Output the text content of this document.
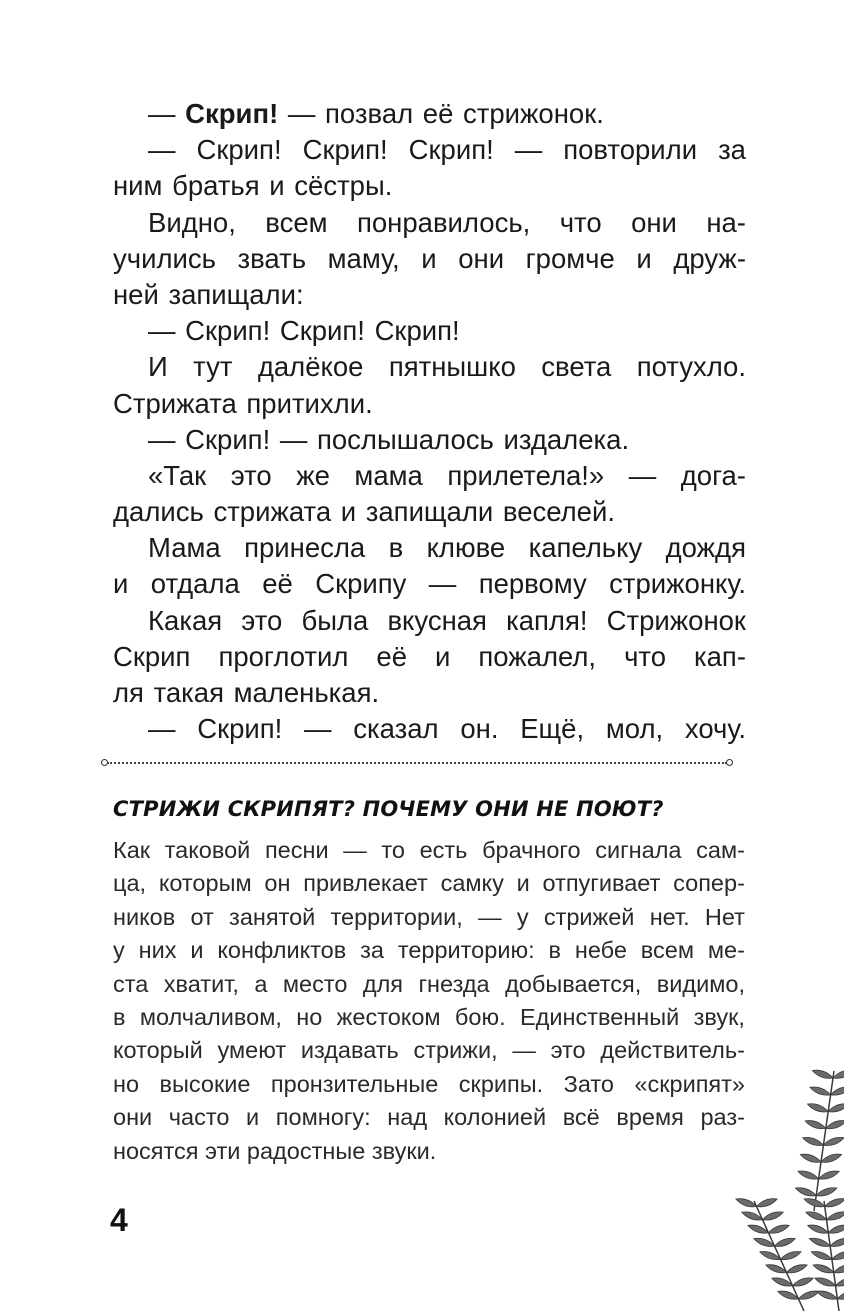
— Скрип! — позвал её стрижонок.
— Скрип! Скрип! Скрип! — повторили за
ним братья и сёстры.
Видно, всем понравилось, что они на-
учились звать маму, и они громче и друж-
ней запищали:
— Скрип! Скрип! Скрип!
И тут далёкое пятнышко света потухло.
Стрижата притихли.
— Скрип! — послышалось издалека.
«Так это же мама прилетела!» — дога-
дались стрижата и запищали веселей.
Мама принесла в клюве капельку дождя
и отдала её Скрипу — первому стрижонку.
Какая это была вкусная капля! Стрижонок
Скрип проглотил её и пожалел, что кап-
ля такая маленькая.
— Скрип! — сказал он. Ещё, мол, хочу.
СТРИЖИ СКРИПЯТ? ПОЧЕМУ ОНИ НЕ ПОЮТ?
Как таковой песни — то есть брачного сигнала сам-
ца, которым он привлекает самку и отпугивает сопер-
ников от занятой территории, — у стрижей нет. Нет
у них и конфликтов за территорию: в небе всем ме-
ста хватит, а место для гнезда добывается, видимо,
в молчаливом, но жестоком бою. Единственный звук,
который умеют издавать стрижи, — это действитель-
но высокие пронзительные скрипы. Зато «скрипят»
они часто и помногу: над колонией всё время раз-
носятся эти радостные звуки.
4
